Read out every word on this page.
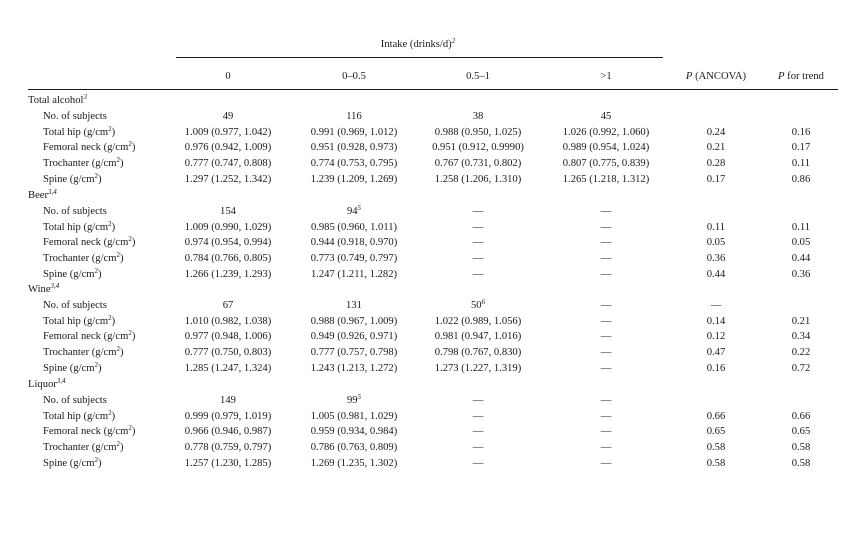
Intake (drinks/d)$^2$
0	0–0.5	0.5–1	>1	P (ANCOVA)	P for trend
Total alcohol$^3$
No. of subjects	49	116	38	45
Total hip $(g/cm^2)$	1.009 (0.977, 1.042)	0.991 (0.969, 1.012)	0.988 (0.950, 1.025)	1.026 (0.992, 1.060)	0.24	0.16
Femoral neck $(g/cm^2)$	0.976 (0.942, 1.009)	0.951 (0.928, 0.973)	0.951 (0.912, 0.9990)	0.989 (0.954, 1.024)	0.21	0.17
Trochanter $(g/cm^2)$	0.777 (0.747, 0.808)	0.774 (0.753, 0.795)	0.767 (0.731, 0.802)	0.807 (0.775, 0.839)	0.28	0.11
Spine $(g/cm^2)$	1.297 (1.252, 1.342)	1.239 (1.209, 1.269)	1.258 (1.206, 1.310)	1.265 (1.218, 1.312)	0.17	0.86
Beer$^{3,4}$
No. of subjects	154	$94^5$	—	—
Total hip $(g/cm^2)$	1.009 (0.990, 1.029)	0.985 (0.960, 1.011)	—	—	0.11	0.11
Femoral neck $(g/cm^2)$	0.974 (0.954, 0.994)	0.944 (0.918, 0.970)	—	—	0.05	0.05
Trochanter $(g/cm^2)$	0.784 (0.766, 0.805)	0.773 (0.749, 0.797)	—	—	0.36	0.44
Spine $(g/cm^2)$	1.266 (1.239, 1.293)	1.247 (1.211, 1.282)	—	—	0.44	0.36
Wine$^{3,4}$
No. of subjects	67	131	$50^6$	—	—
Total hip $(g/cm^2)$	1.010 (0.982, 1.038)	0.988 (0.967, 1.009)	1.022 (0.989, 1.056)	—	0.14	0.21
Femoral neck $(g/cm^2)$	0.977 (0.948, 1.006)	0.949 (0.926, 0.971)	0.981 (0.947, 1.016)	—	0.12	0.34
Trochanter $(g/cm^2)$	0.777 (0.750, 0.803)	0.777 (0.757, 0.798)	0.798 (0.767, 0.830)	—	0.47	0.22
Spine $(g/cm^2)$	1.285 (1.247, 1.324)	1.243 (1.213, 1.272)	1.273 (1.227, 1.319)	—	0.16	0.72
Liquor$^{3,4}$
No. of subjects	149	$99^5$	—	—
Total hip $(g/cm^2)$	0.999 (0.979, 1.019)	1.005 (0.981, 1.029)	—	—	0.66	0.66
Femoral neck $(g/cm^2)$	0.966 (0.946, 0.987)	0.959 (0.934, 0.984)	—	—	0.65	0.65
Trochanter $(g/cm^2)$	0.778 (0.759, 0.797)	0.786 (0.763, 0.809)	—	—	0.58	0.58
Spine $(g/cm^2)$	1.257 (1.230, 1.285)	1.269 (1.235, 1.302)	—	—	0.58	0.58
